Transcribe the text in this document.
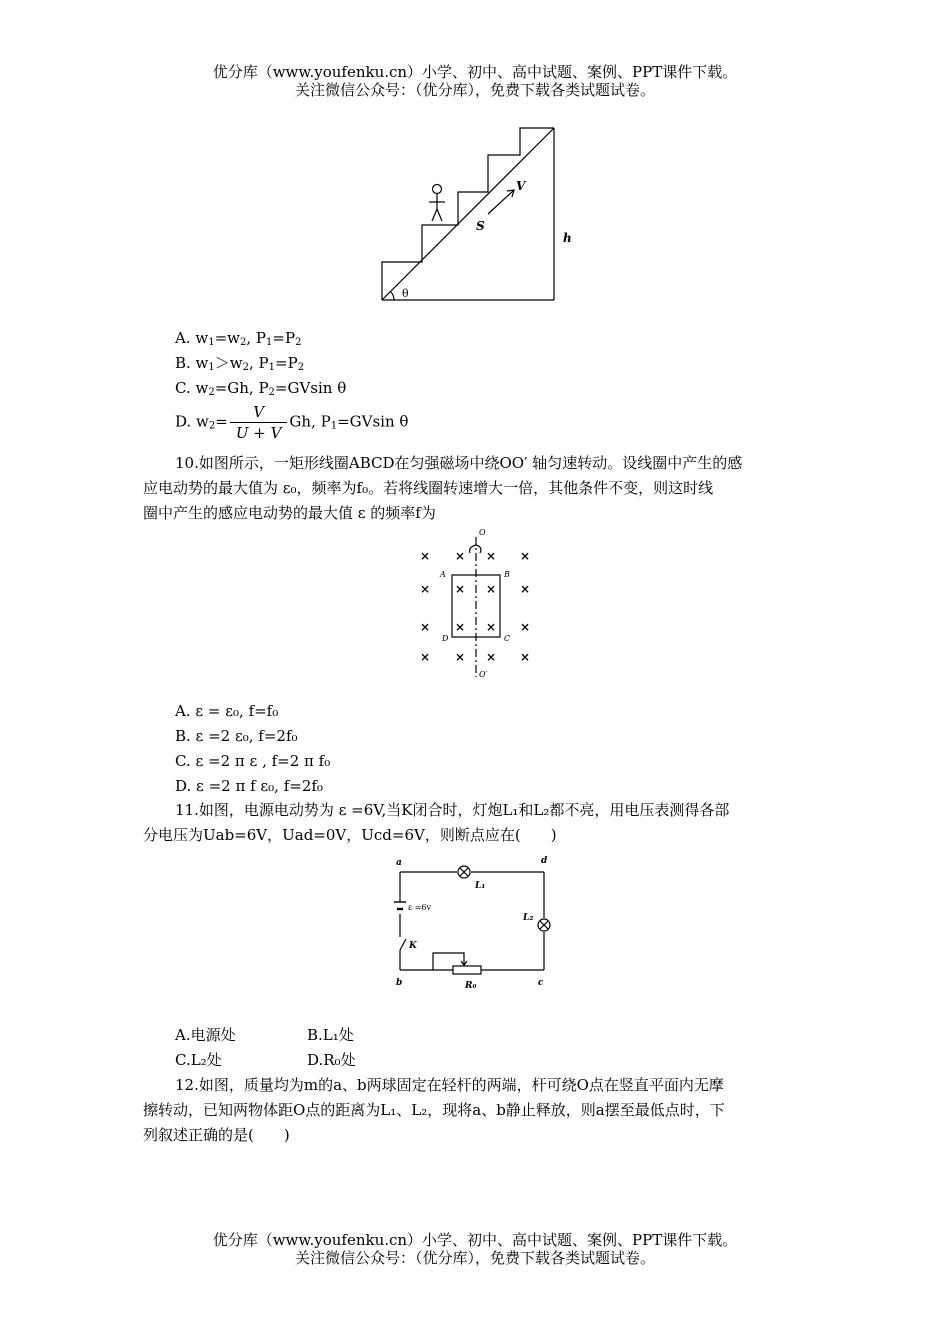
优分库（www.youfenku.cn）小学、初中、高中试题、案例、PPT课件下载。
关注微信公众号：（优分库），免费下载各类试题试卷。
V
S
h
θ
A. $w_1=w_2$, $P_1=P_2$
B. $w_1>w_2$, $P_1=P_2$
C. $w_2=Gh$, $P_2=GVsin$ θ
D. $w_2= \frac{V}{U + V} Gh$, $P_1=GVsin$ θ
10.如图所示，一矩形线圈ABCD在匀强磁场中绕OO′ 轴匀速转动。设线圈中产生的感
应电动势的最大值为 ε₀，频率为f₀。若将线圈转速增大一倍，其他条件不变，则这时线
圈中产生的感应电动势的最大值 ε 的频率f为
× × × ×
× × × ×
× × × ×
× × × ×
O
O′
A	B
C
D
A. ε = ε₀, f=f₀
B. ε =2 ε₀, f=2f₀
C. ε =2 π ε , f=2 π f₀
D. ε =2 π f ε₀, f=2f₀
11.如图，电源电动势为 ε =6V,当K闭合时，灯炮L₁和L₂都不亮，用电压表测得各部
分电压为Uab=6V，Uad=0V，Ucd=6V，则断点应在(　　)
a	d
b	c
L₁
L₂
K
R₀
ε =6v
A.电源处	B.L₁处
C.L₂处	D.R₀处
12.如图，质量均为m的a、b两球固定在轻杆的两端，杆可绕O点在竖直平面内无摩
擦转动，已知两物体距O点的距离为L₁、L₂，现将a、b静止释放，则a摆至最低点时，下
列叙述正确的是(　　)
优分库（www.youfenku.cn）小学、初中、高中试题、案例、PPT课件下载。
关注微信公众号：（优分库），免费下载各类试题试卷。
